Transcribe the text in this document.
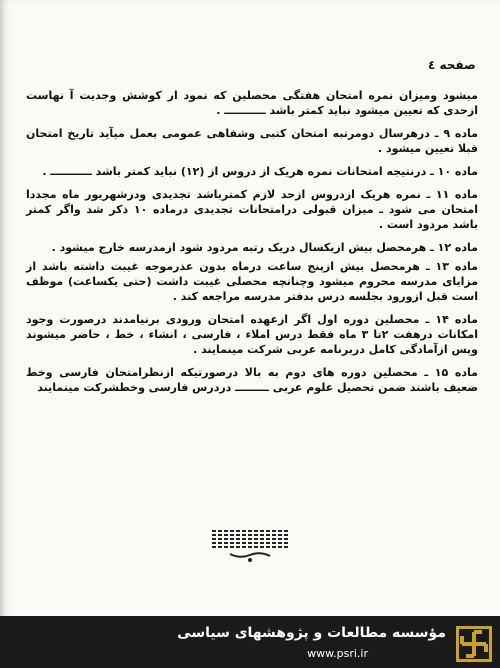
صفحه ٤

میشود ومیزان نمره امتحان هفتگی محصلین که نمود ار کوشش وجدیت آ نهاست ازحدی که تعیین میشود نباید کمتر باشد ـــــــــــ .

ماده ۹ ـ درهرسال دومرتبه امتحان کتبی وشفاهی عمومی بعمل میآید تاریخ امتحان قبلا تعیین میشود .

ماده ۱۰ ـ درنتیجه امتحانات نمره هریک از دروس از (۱۲) نباید کمتر باشد ـــــــــــ .

ماده ۱۱ ـ نمره هریک ازدروس ازحد لازم کمترباشد تجدیدی ودرشهریور ماه مجددا امتحان می شود ـ میزان قبولی درامتحانات تجدیدی درماده ۱۰ ذکر شد واگر کمتر باشد مردود است .

ماده ۱۲ ـ هرمحصل بیش ازیکسال دریک رتبه مردود شود ازمدرسه خارج میشود .

ماده ۱۳ ـ هرمحصل بیش ازپنج ساعت درماه بدون عذرموجه غیبت داشته باشد از مزایای مدرسه محروم میشود وچنانچه محصلی غیبت داشت (حتی یکساعت) موظف است قبل ازورود بجلسه درس بدفتر مدرسه مراجعه کند .

ماده ۱۴ ـ محصلین دوره اول اگر ازعهده امتحان ورودی برنیامدند درصورت وجود امکانات درهفت ۲تا ۳ ماه فقط درس املاء ، فارسی ، انشاء ، خط ، حاضر میشوند وپس ازآمادگی کامل دربرنامه عربی شرکت مینمایند .

ماده ۱۵ ـ محصلین دوره های دوم به بالا درصورتیکه ازنظرامتحان فارسی وخط ضعیف باشند ضمن تحصیل علوم عربی ـــــــــ دردرس فارسی وخطشرکت مینمایند

مؤسسه مطالعات و پژوهشهای سیاسی
www.psri.ir
